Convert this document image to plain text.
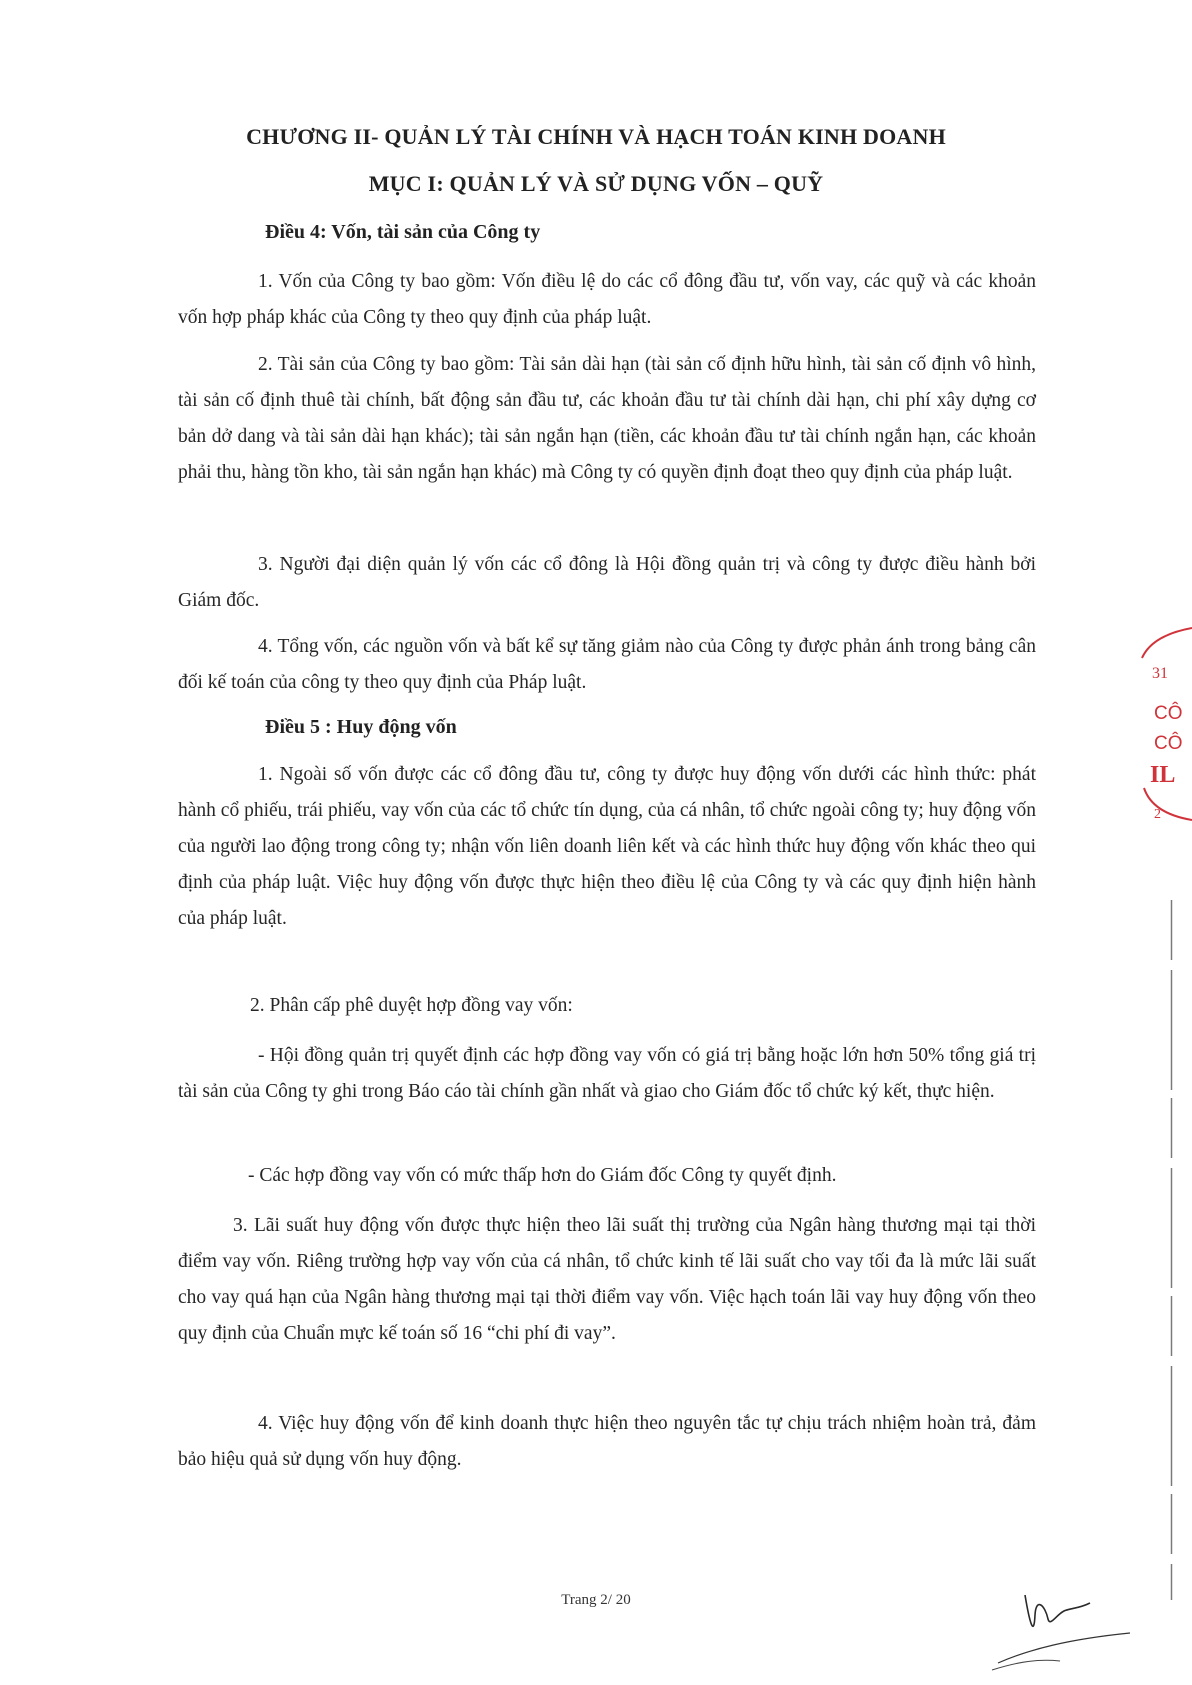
CHƯƠNG II- QUẢN LÝ TÀI CHÍNH VÀ HẠCH TOÁN KINH DOANH
MỤC I: QUẢN LÝ VÀ SỬ DỤNG VỐN – QUỸ
Điều 4: Vốn, tài sản của Công ty

1. Vốn của Công ty bao gồm: Vốn điều lệ do các cổ đông đầu tư, vốn vay, các quỹ và các khoản vốn hợp pháp khác của Công ty theo quy định của pháp luật.

2. Tài sản của Công ty bao gồm: Tài sản dài hạn (tài sản cố định hữu hình, tài sản cố định vô hình, tài sản cố định thuê tài chính, bất động sản đầu tư, các khoản đầu tư tài chính dài hạn, chi phí xây dựng cơ bản dở dang và tài sản dài hạn khác); tài sản ngắn hạn (tiền, các khoản đầu tư tài chính ngắn hạn, các khoản phải thu, hàng tồn kho, tài sản ngắn hạn khác) mà Công ty có quyền định đoạt theo quy định của pháp luật.

3. Người đại diện quản lý vốn các cổ đông là Hội đồng quản trị và công ty được điều hành bởi Giám đốc.

4. Tổng vốn, các nguồn vốn và bất kể sự tăng giảm nào của Công ty được phản ánh trong bảng cân đối kế toán của công ty theo quy định của Pháp luật.

Điều 5 : Huy động vốn

1. Ngoài số vốn được các cổ đông đầu tư, công ty được huy động vốn dưới các hình thức: phát hành cổ phiếu, trái phiếu, vay vốn của các tổ chức tín dụng, của cá nhân, tổ chức ngoài công ty; huy động vốn của người lao động trong công ty; nhận vốn liên doanh liên kết và các hình thức huy động vốn khác theo qui định của pháp luật. Việc huy động vốn được thực hiện theo điều lệ của Công ty và các quy định hiện hành của pháp luật.

2. Phân cấp phê duyệt hợp đồng vay vốn:

- Hội đồng quản trị quyết định các hợp đồng vay vốn có giá trị bằng hoặc lớn hơn 50% tổng giá trị tài sản của Công ty ghi trong Báo cáo tài chính gần nhất và giao cho Giám đốc tổ chức ký kết, thực hiện.

- Các hợp đồng vay vốn có mức thấp hơn do Giám đốc Công ty quyết định.

3. Lãi suất huy động vốn được thực hiện theo lãi suất thị trường của Ngân hàng thương mại tại thời điểm vay vốn. Riêng trường hợp vay vốn của cá nhân, tổ chức kinh tế lãi suất cho vay tối đa là mức lãi suất cho vay quá hạn của Ngân hàng thương mại tại thời điểm vay vốn. Việc hạch toán lãi vay huy động vốn theo quy định của Chuẩn mực kế toán số 16 “chi phí đi vay”.

4. Việc huy động vốn để kinh doanh thực hiện theo nguyên tắc tự chịu trách nhiệm hoàn trả, đảm bảo hiệu quả sử dụng vốn huy động.

Trang 2/ 20
31
CÔ
CÔ
IL
2
